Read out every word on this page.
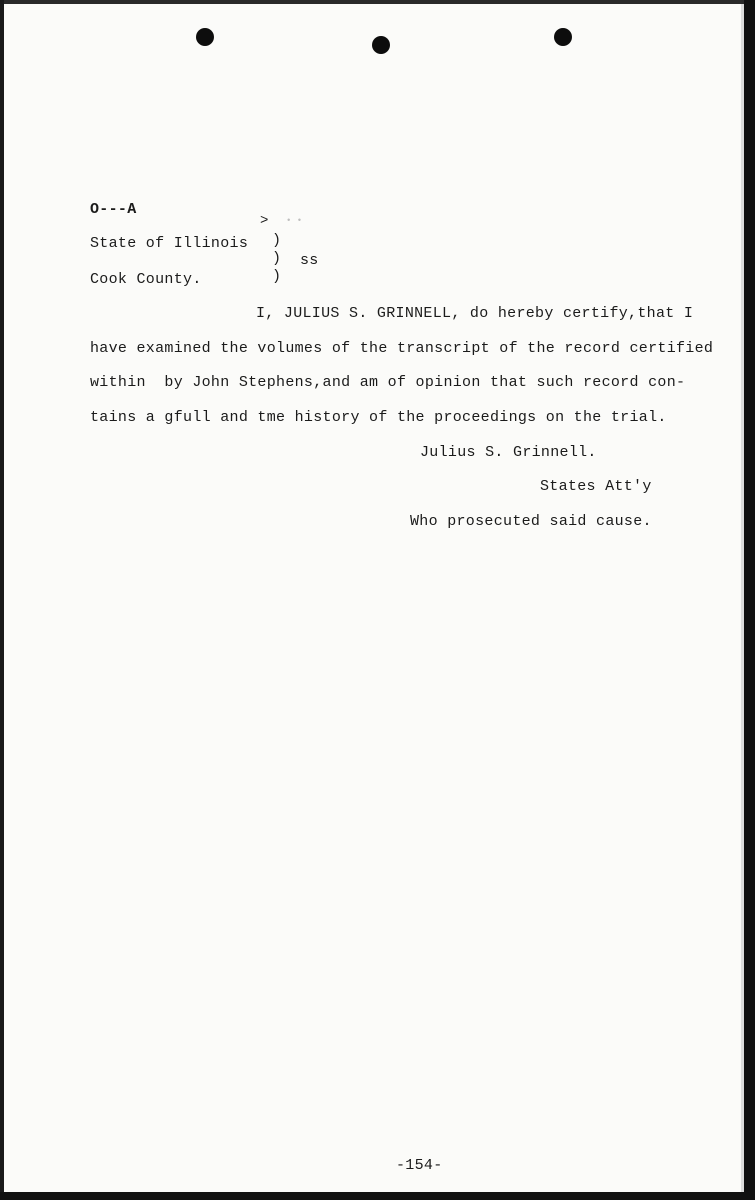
O---A
State of Illinois
Cook County.
> • •
)
)
)
ss
I, JULIUS S. GRINNELL, do hereby certify,that I
have examined the volumes of the transcript of the record certified
within  by John Stephens,and am of opinion that such record con-
tains a gfull and tme history of the proceedings on the trial.
Julius S. Grinnell.
States Att'y
Who prosecuted said cause.
-154-
